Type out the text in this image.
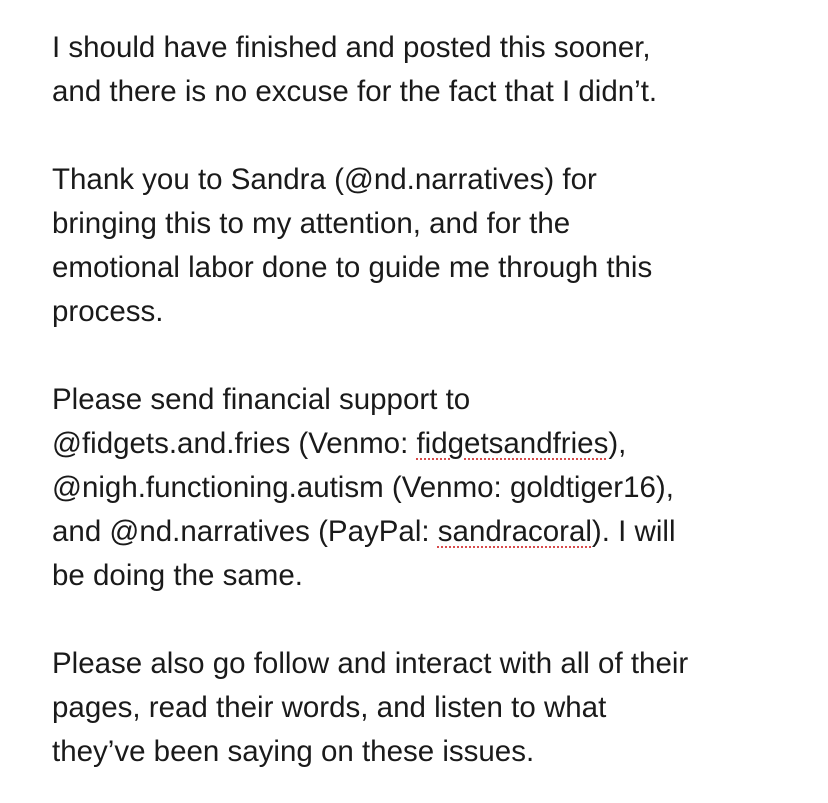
I should have finished and posted this sooner,
and there is no excuse for the fact that I didn’t.

Thank you to Sandra (@nd.narratives) for
bringing this to my attention, and for the
emotional labor done to guide me through this
process.

Please send financial support to
@fidgets.and.fries (Venmo: fidgetsandfries),
@nigh.functioning.autism (Venmo: goldtiger16),
and @nd.narratives (PayPal: sandracoral). I will
be doing the same.

Please also go follow and interact with all of their
pages, read their words, and listen to what
they’ve been saying on these issues.
